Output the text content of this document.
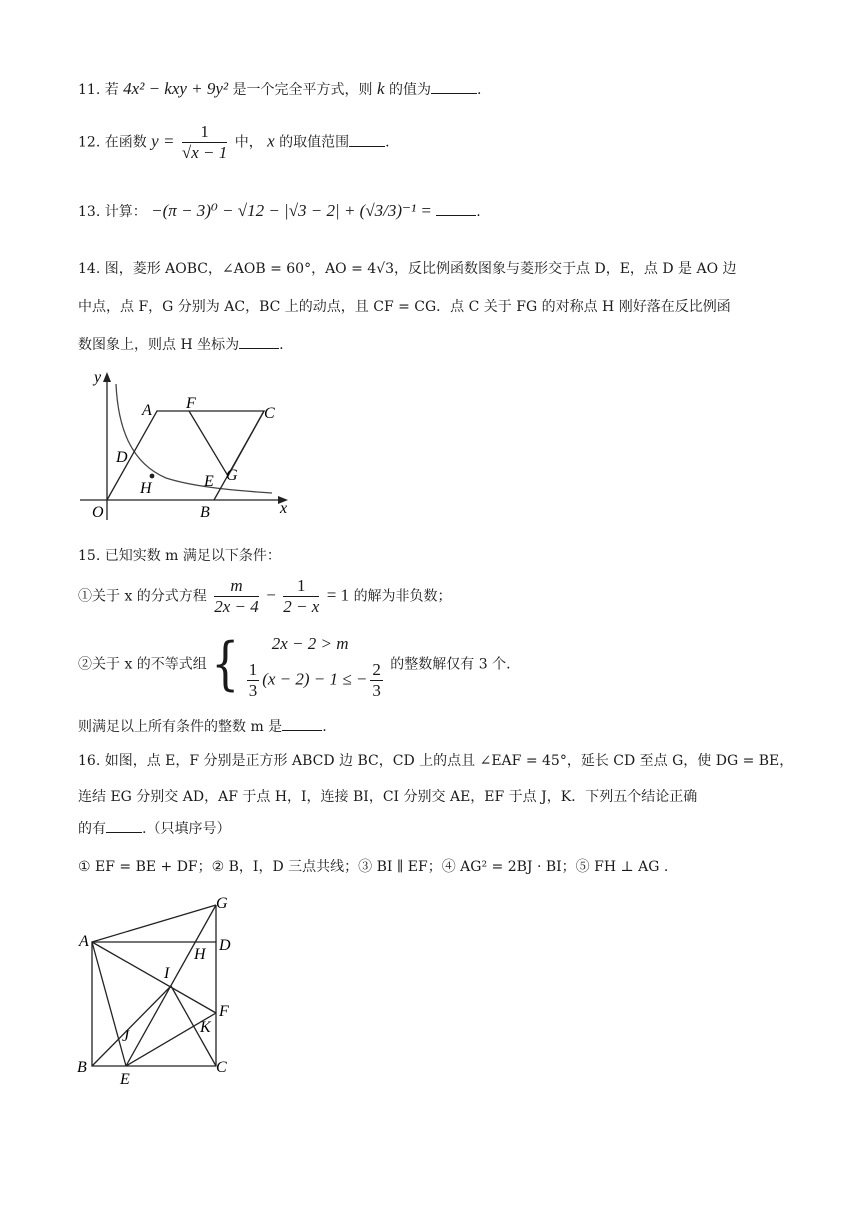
11. 若 4x² − kxy + 9y² 是一个完全平方式，则 k 的值为	.
12. 在函数 $y = \frac{1}{√x - 1}$ 中， x 的取值范围	.
13. 计算： −(π − 3)⁰ − √12 − |√3 − 2| + (√3/3)⁻¹ =	.
14. 图，菱形 AOBC，∠AOB = 60°，AO = 4√3，反比例函数图象与菱形交于点 D，E，点 D 是 AO 边
中点，点 F，G 分别为 AC，BC 上的动点，且 CF = CG．点 C 关于 FG 的对称点 H 刚好落在反比例函
数图象上，则点 H 坐标为	.
y
x
O
A F
C
D
H	E G
B
15. 已知实数 m 满足以下条件：
①关于 x 的分式方程 $\frac{m}{2x - 4} - \frac{1}{2 - x} = 1$ 的解为非负数；
②关于 x 的不等式组 {	2x − 2 > m
$\frac{1}{3} (x - 2) - 1$ ≤ − $\frac{2}{3}$ 的整数解仅有 3 个.
则满足以上所有条件的整数 m 是	.
16. 如图，点 E，F 分别是正方形 ABCD 边 BC，CD 上的点且 ∠EAF = 45°，延长 CD 至点 G，使 DG = BE，
连结 EG 分别交 AD，AF 于点 H，I，连接 BI，CI 分别交 AE，EF 于点 J，K．下列五个结论正确
的有	.（只填序号）
① EF = BE + DF；② B，I，D 三点共线；③ BI ∥ EF；④ AG² = 2BJ · BI；⑤ FH ⊥ AG .
G
A	D
H
I
F
K
J
B
E
C
